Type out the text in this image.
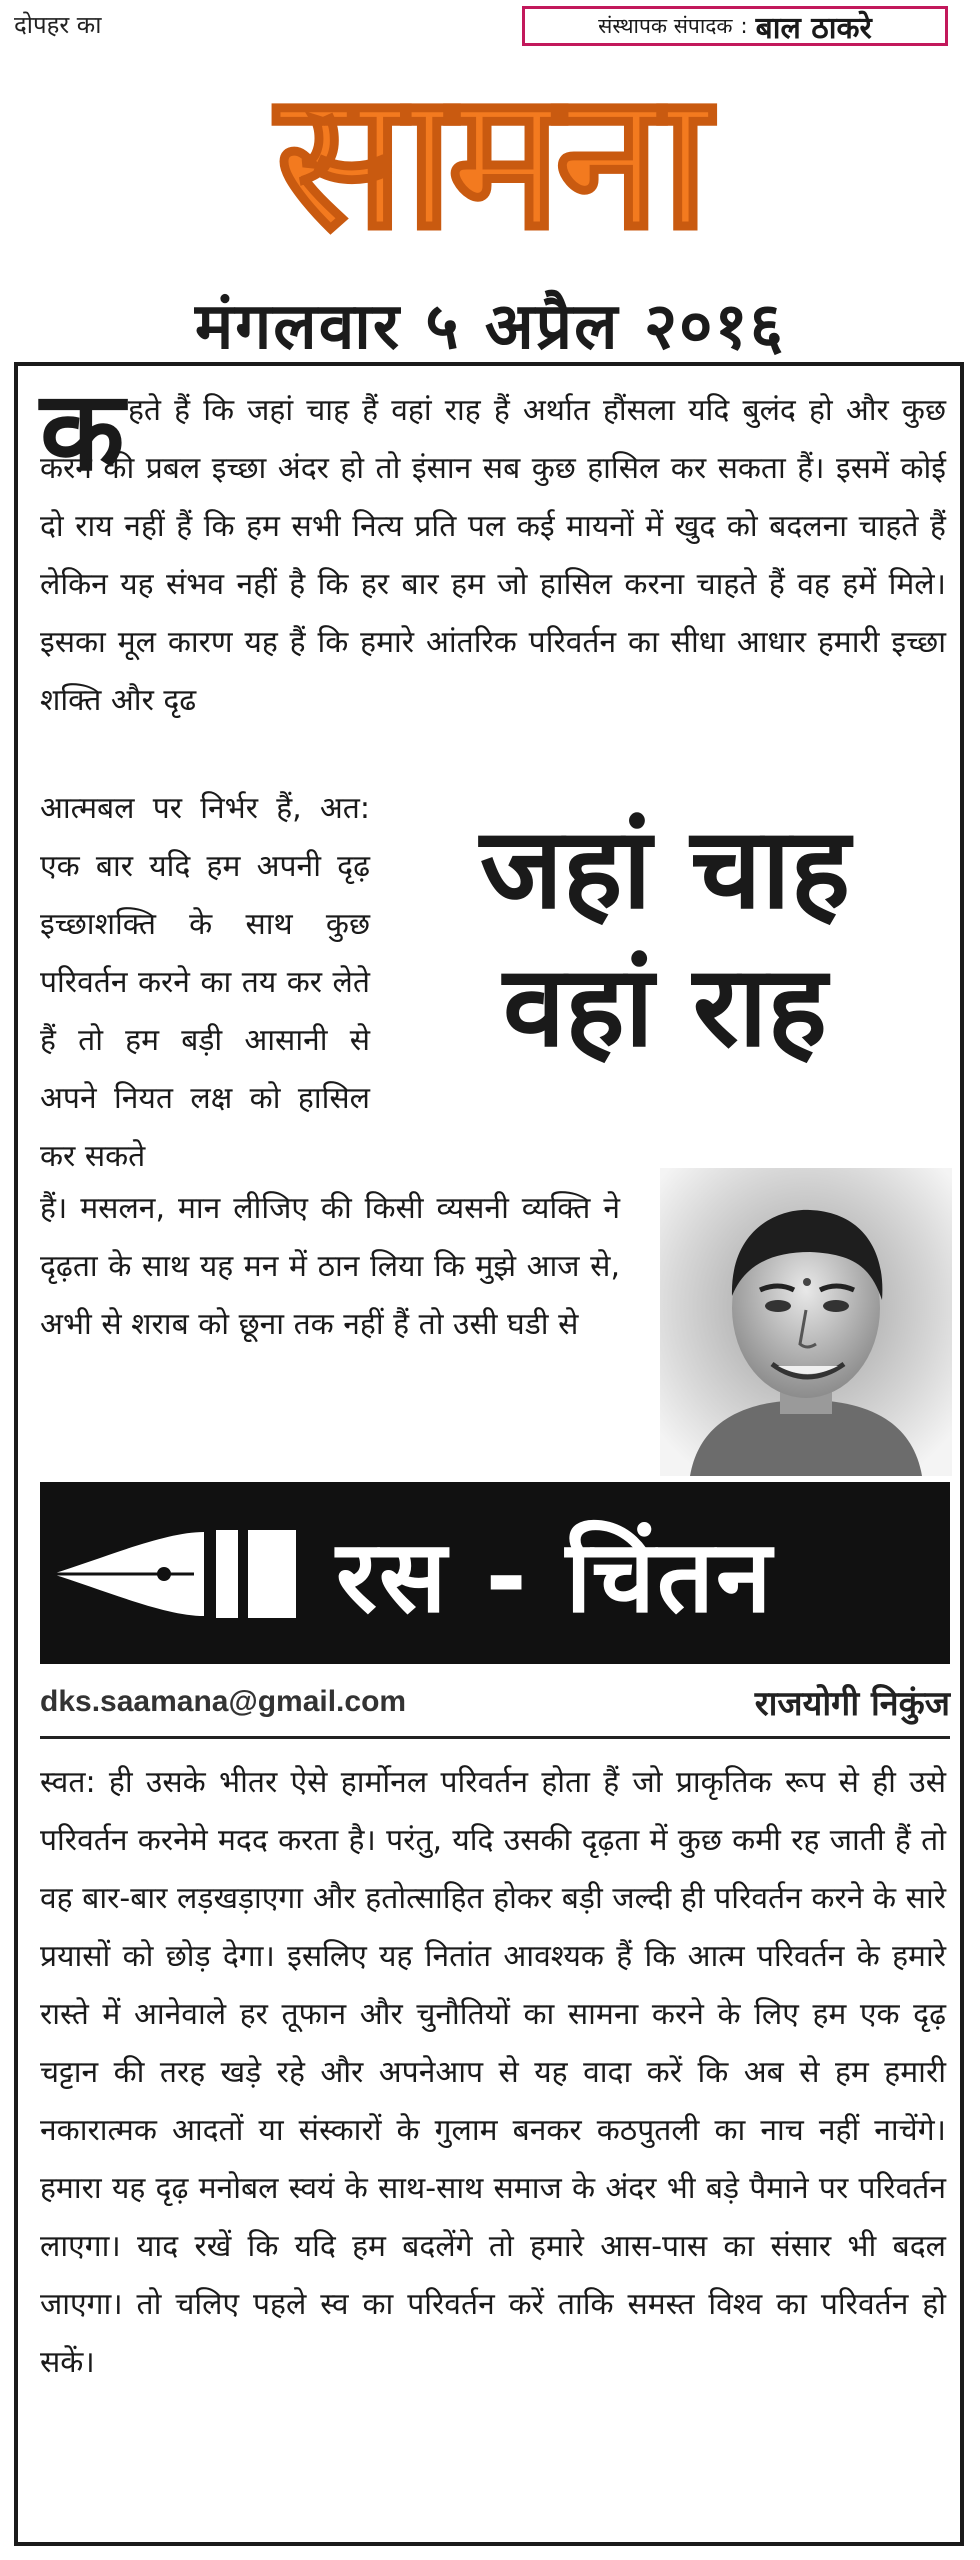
दोपहर का	संस्थापक संपादक : बाल ठाकरे
सामना
मंगलवार ५ अप्रैल २०१६
क हते हैं कि जहां चाह हैं वहां राह हैं अर्थात हौंसला यदि बुलंद हो और कुछ करने की प्रबल इच्छा अंदर हो तो इंसान सब कुछ हासिल कर सकता हैं। इसमें कोई दो राय नहीं हैं कि हम सभी नित्य प्रति पल कई मायनों में खुद को बदलना चाहते हैं लेकिन यह संभव नहीं है कि हर बार हम जो हासिल करना चाहते हैं वह हमें मिले। इसका मूल कारण यह हैं कि हमारे आंतरिक परिवर्तन का सीधा आधार हमारी इच्छा शक्ति और दृढ

आत्मबल पर निर्भर हैं, अत: एक बार यदि हम अपनी दृढ़ इच्छाशक्ति के साथ कुछ परिवर्तन करने का तय कर लेते हैं तो हम बड़ी आसानी से अपने नियत लक्ष को हासिल कर सकते
जहां चाह
वहां राह
हैं। मसलन, मान लीजिए की किसी व्यसनी व्यक्ति ने दृढ़ता के साथ यह मन में ठान लिया कि मुझे आज से, अभी से शराब को छूना तक नहीं हैं तो उसी घडी से
रस - चिंतन
dks.saamana@gmail.com	राजयोगी निकुंज
स्वत: ही उसके भीतर ऐसे हार्मोनल परिवर्तन होता हैं जो प्राकृतिक रूप से ही उसे परिवर्तन करनेमे मदद करता है। परंतु, यदि उसकी दृढ़ता में कुछ कमी रह जाती हैं तो वह बार-बार लड़खड़ाएगा और हतोत्साहित होकर बड़ी जल्दी ही परिवर्तन करने के सारे प्रयासों को छोड़ देगा। इसलिए यह नितांत आवश्यक हैं कि आत्म परिवर्तन के हमारे रास्ते में आनेवाले हर तूफान और चुनौतियों का सामना करने के लिए हम एक दृढ़ चट्टान की तरह खड़े रहे और अपनेआप से यह वादा करें कि अब से हम हमारी नकारात्मक आदतों या संस्कारों के गुलाम बनकर कठपुतली का नाच नहीं नाचेंगे। हमारा यह दृढ़ मनोबल स्वयं के साथ-साथ समाज के अंदर भी बड़े पैमाने पर परिवर्तन लाएगा। याद रखें कि यदि हम बदलेंगे तो हमारे आस-पास का संसार भी बदल जाएगा। तो चलिए पहले स्व का परिवर्तन करें ताकि समस्त विश्व का परिवर्तन हो सकें।
